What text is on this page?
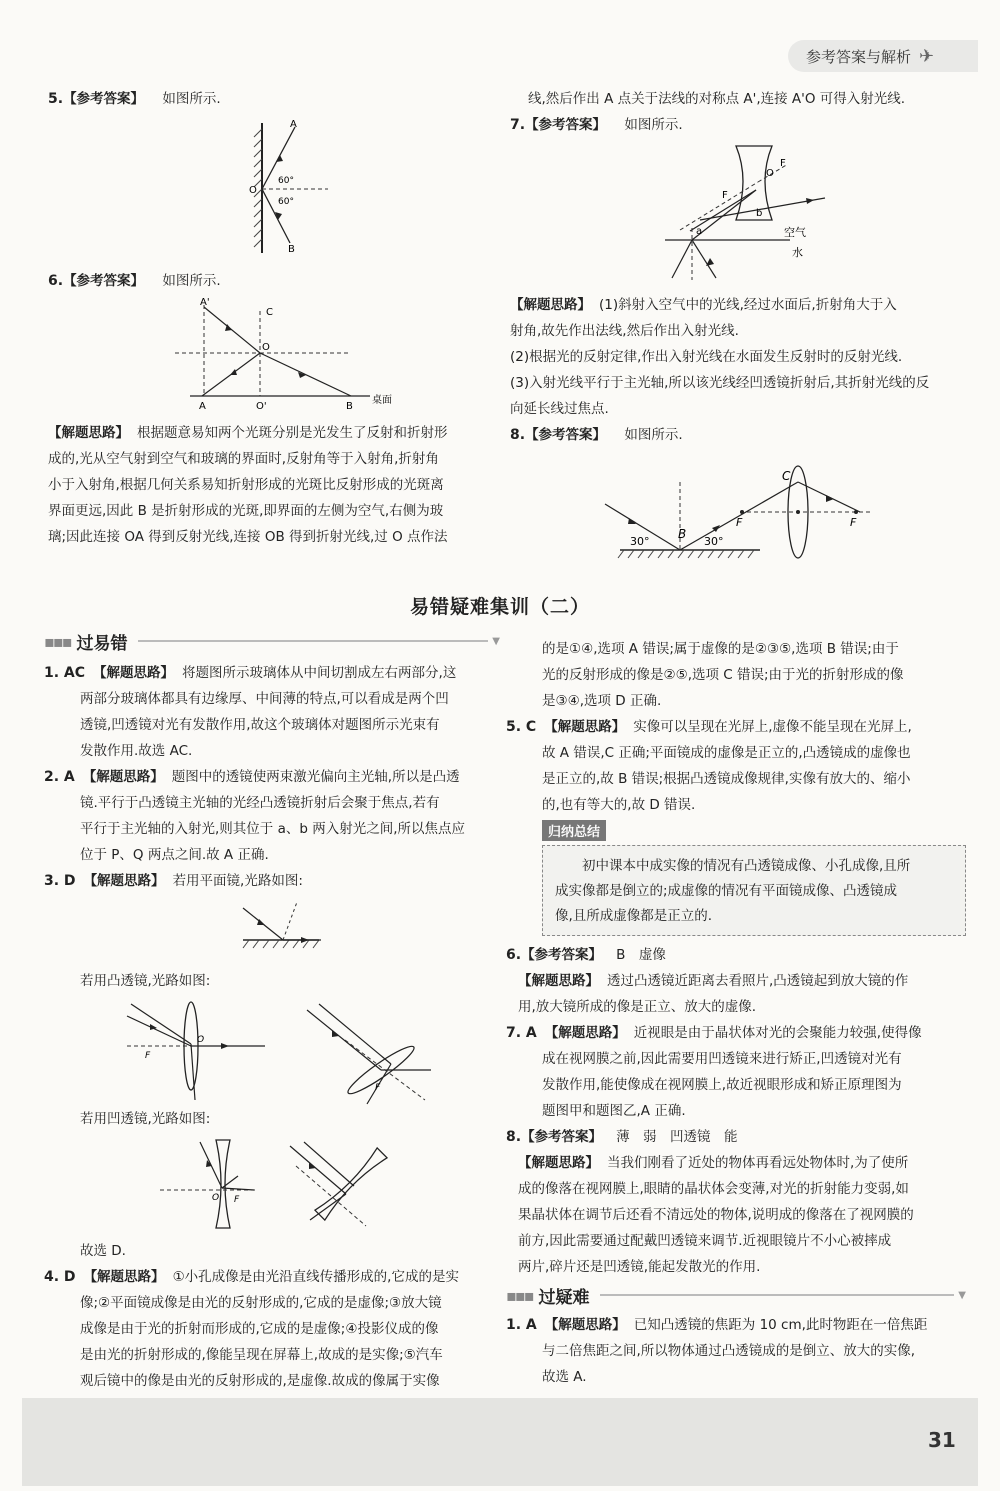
参考答案与解析 ✈

5.【参考答案】 如图所示.

A
B
O
60°
60°

6.【参考答案】 如图所示.

A'
C
O
A	O'	B
桌面

【解题思路】 根据题意易知两个光斑分别是光发生了反射和折射形

成的,光从空气射到空气和玻璃的界面时,反射角等于入射角,折射角

小于入射角,根据几何关系易知折射形成的光斑比反射形成的光斑离

界面更远,因此 B 是折射形成的光斑,即界面的左侧为空气,右侧为玻

璃;因此连接 OA 得到反射光线,连接 OB 得到折射光线,过 O 点作法

线,然后作出 A 点关于法线的对称点 A',连接 A'O 可得入射光线.

7.【参考答案】 如图所示.

O
F
F
b
a	空气
水

【解题思路】 (1)斜射入空气中的光线,经过水面后,折射角大于入

射角,故先作出法线,然后作出入射光线.

(2)根据光的反射定律,作出入射光线在水面发生反射时的反射光线.

(3)入射光线平行于主光轴,所以该光线经凹透镜折射后,其折射光线的反

向延长线过焦点.

8.【参考答案】 如图所示.

C
B
F	F
30°	30°
易错疑难集训（二）
▪▪▪ 过易错	▼

1. AC 【解题思路】 将题图所示玻璃体从中间切割成左右两部分,这

两部分玻璃体都具有边缘厚、中间薄的特点,可以看成是两个凹

透镜,凹透镜对光有发散作用,故这个玻璃体对题图所示光束有

发散作用.故选 AC.

2. A 【解题思路】 题图中的透镜使两束激光偏向主光轴,所以是凸透

镜.平行于凸透镜主光轴的光经凸透镜折射后会聚于焦点,若有

平行于主光轴的入射光,则其位于 a、b 两入射光之间,所以焦点应

位于 P、Q 两点之间.故 A 正确.

3. D 【解题思路】 若用平面镜,光路如图:

若用凸透镜,光路如图:

F
O
F

若用凹透镜,光路如图:

F
O

故选 D.

4. D 【解题思路】 ①小孔成像是由光沿直线传播形成的,它成的是实

像;②平面镜成像是由光的反射形成的,它成的是虚像;③放大镜

成像是由于光的折射而形成的,它成的是虚像;④投影仪成的像

是由光的折射形成的,像能呈现在屏幕上,故成的是实像;⑤汽车

观后镜中的像是由光的反射形成的,是虚像.故成的像属于实像

的是①④,选项 A 错误;属于虚像的是②③⑤,选项 B 错误;由于

光的反射形成的像是②⑤,选项 C 错误;由于光的折射形成的像

是③④,选项 D 正确.

5. C 【解题思路】 实像可以呈现在光屏上,虚像不能呈现在光屏上,

故 A 错误,C 正确;平面镜成的虚像是正立的,凸透镜成的虚像也

是正立的,故 B 错误;根据凸透镜成像规律,实像有放大的、缩小

的,也有等大的,故 D 错误.

归纳总结

初中课本中成实像的情况有凸透镜成像、小孔成像,且所

成实像都是倒立的;成虚像的情况有平面镜成像、凸透镜成

像,且所成虚像都是正立的.

6.【参考答案】 B　虚像

【解题思路】 透过凸透镜近距离去看照片,凸透镜起到放大镜的作

用,放大镜所成的像是正立、放大的虚像.

7. A 【解题思路】 近视眼是由于晶状体对光的会聚能力较强,使得像

成在视网膜之前,因此需要用凹透镜来进行矫正,凹透镜对光有

发散作用,能使像成在视网膜上,故近视眼形成和矫正原理图为

题图甲和题图乙,A 正确.

8.【参考答案】 薄　弱　凹透镜　能

【解题思路】 当我们刚看了近处的物体再看远处物体时,为了使所

成的像落在视网膜上,眼睛的晶状体会变薄,对光的折射能力变弱,如

果晶状体在调节后还看不清远处的物体,说明成的像落在了视网膜的

前方,因此需要通过配戴凹透镜来调节.近视眼镜片不小心被摔成

两片,碎片还是凹透镜,能起发散光的作用.

▪▪▪ 过疑难	▼

1. A 【解题思路】 已知凸透镜的焦距为 10 cm,此时物距在一倍焦距

与二倍焦距之间,所以物体通过凸透镜成的是倒立、放大的实像,

故选 A.

31
